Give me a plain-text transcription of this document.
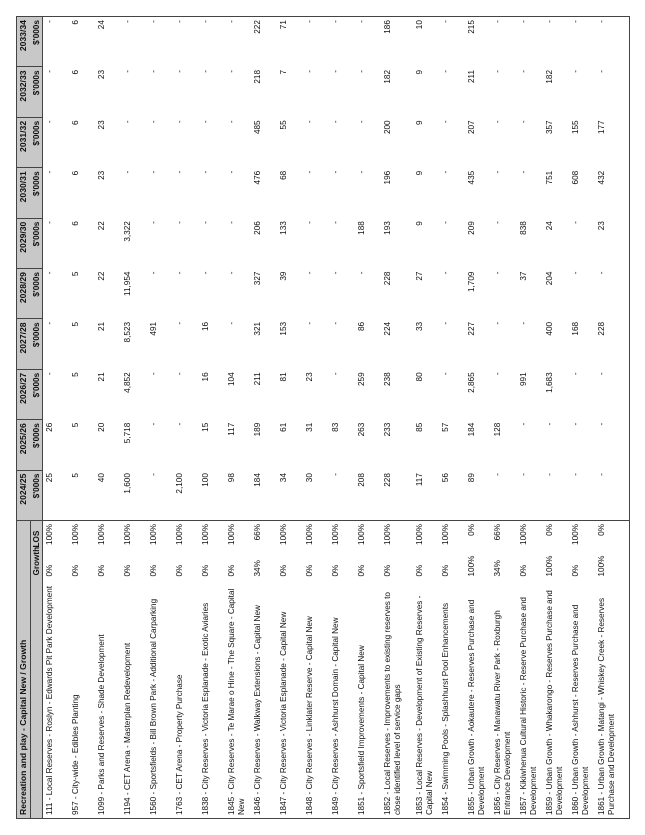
Recreation and play - Capital New / Growth			2024/25	2025/26	2026/27	2027/28	2028/29	2029/30	2030/31	2031/32	2032/33	2033/34
	Growth	LOS	$'000s	$'000s	$'000s	$'000s	$'000s	$'000s	$'000s	$'000s	$'000s	$'000s
111 - Local Reserves - Roslyn - Edwards Pit Park Development	0%	100%	25	26	-	-	-	-	-	-	-	-
957 - City-wide - Edibles Planting	0%	100%	5	5	5	5	5	6	6	6	6	6
1099 - Parks and Reserves - Shade Development	0%	100%	40	20	21	21	22	22	23	23	23	24
1194 - CET Arena - Masterplan Redevelopment	0%	100%	1,600	5,718	4,852	8,523	11,954	3,322	-	-	-	-
1560 - Sportsfields - Bill Brown Park - Additional Carparking	0%	100%	-	-	-	491	-	-	-	-	-	-
1763 - CET Arena - Property Purchase	0%	100%	2,100	-	-	-	-	-	-	-	-	-
1838 - City Reserves - Victoria Esplanade - Exotic Aviaries	0%	100%	100	15	16	16	-	-	-	-	-	-
1845 - City Reserves - Te Marae o Hine - The Square - Capital New	0%	100%	98	117	104	-	-	-	-	-	-	-
1846 - City Reserves - Walkway Extensions - Capital New	34%	66%	184	189	211	321	327	206	476	485	218	222
1847 - City Reserves - Victoria Esplanade - Capital New	0%	100%	34	61	81	153	39	133	68	55	7	71
1848 - City Reserves - Linklater Reserve - Capital New	0%	100%	30	31	23	-	-	-	-	-	-	-
1849 - City Reserves - Ashhurst Domain - Capital New	0%	100%	-	83	-	-	-	-	-	-	-	-
1851 - Sportsfield Improvements - Capital New	0%	100%	208	263	259	86	-	188	-	-	-	-
1852 - Local Reserves - Improvements to existing reserves to close identified level of service gaps	0%	100%	228	233	238	224	228	193	196	200	182	186
1853 - Local Reserves - Development of Existing Reserves - Capital New	0%	100%	117	85	80	33	27	9	9	9	9	10
1854 - Swimming Pools - Splashhurst Pool Enhancements	0%	100%	56	57	-	-	-	-	-	-	-	-
1855 - Urban Growth - Aokautere - Reserves Purchase and Development	100%	0%	89	184	2,865	227	1,709	209	435	207	211	215
1856 - City Reserves - Manawatu River Park - Roxburgh Entrance Development	34%	66%	-	128	-	-	-	-	-	-	-	-
1857 - Kikiwhenua Cultural Historic - Reserve Purchase and Development	0%	100%	-	-	991	-	37	838	-	-	-	-
1859 - Urban Growth - Whakarongo - Reserves Purchase and Development	100%	0%	-	-	1,683	400	204	24	751	357	182	-
1860 - Urban Growth - Ashhurst - Reserves Purchase and Development	0%	100%	-	-	-	168	-	-	608	155	-	-
1861 - Urban Growth - Matangi - Whiskey Creek - Reserves Purchase and Development	100%	0%	-	-	-	228	-	23	432	177	-	-
